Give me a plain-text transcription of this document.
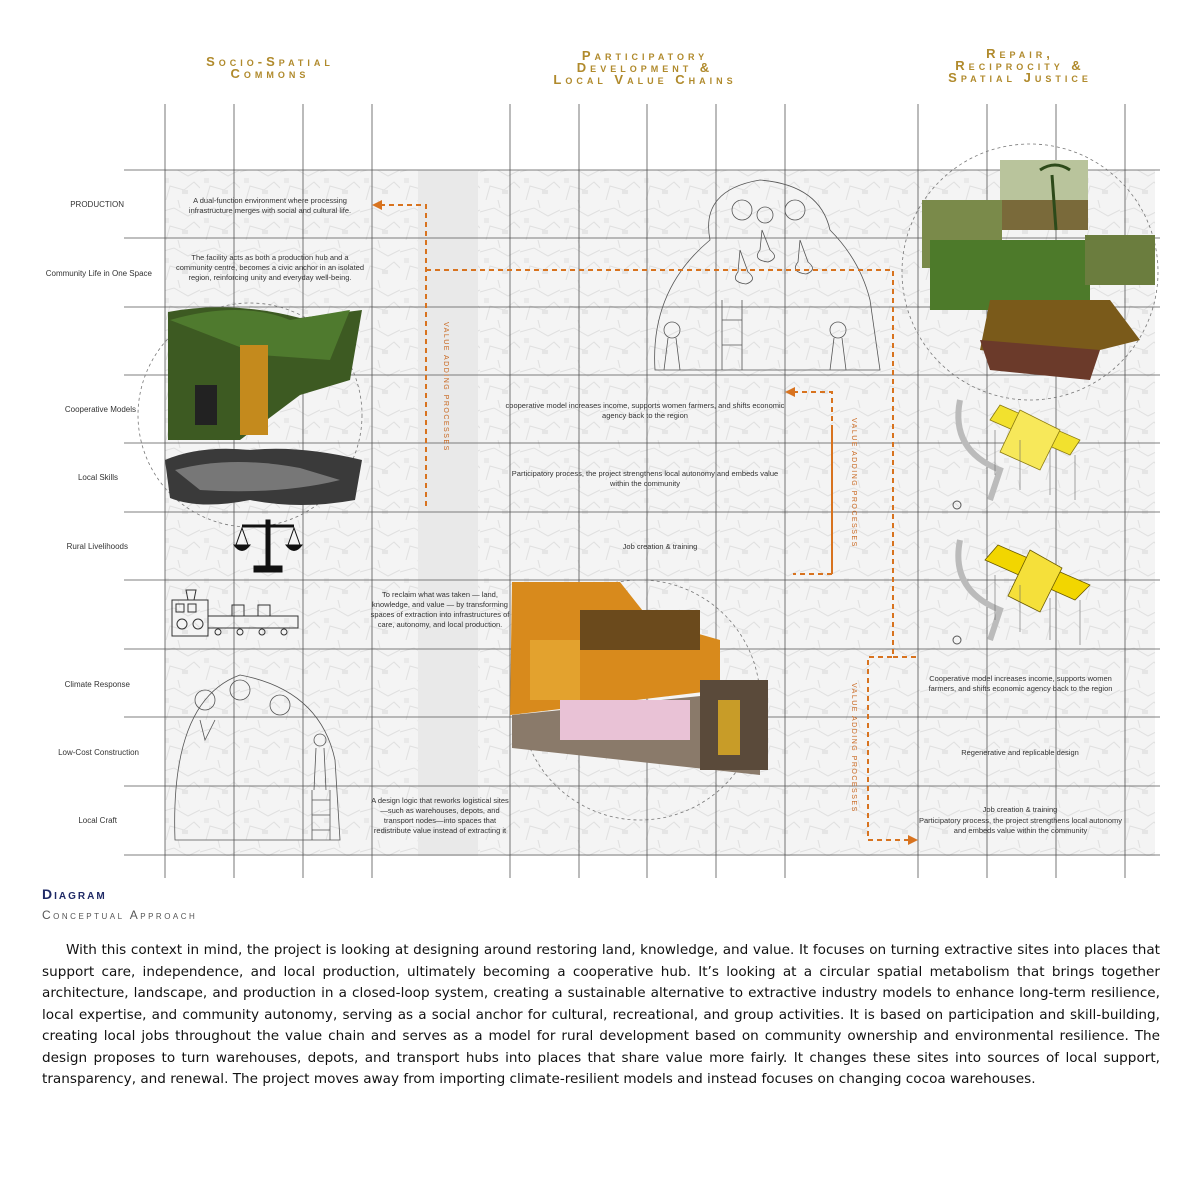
Socio-Spatial
Commons
Participatory
Development &
Local Value Chains
Repair,
Reciprocity &
Spatial Justice
VALUE ADDING PROCESSES
VALUE ADDING PROCESSES
VALUE ADDING PROCESSES
PRODUCTION
Community Life in One Space
Cooperative Models
Local Skills
Rural Livelihoods
Climate Response
Low-Cost Construction
Local Craft
A dual-function environment where processing infrastructure merges with social and cultural life.
The facility acts as both a production hub and a community centre, becomes a civic anchor in an isolated region, reinforcing unity and everyday well-being.
cooperative model increases income, supports women farmers, and shifts economic agency back to the region
Participatory process, the project strengthens local autonomy and embeds value within the community
Job creation & training
To reclaim what was taken — land, knowledge, and value — by transforming spaces of extraction into infrastructures of care, autonomy, and local production.
A design logic that reworks logistical sites—such as warehouses, depots, and transport nodes—into spaces that redistribute value instead of extracting it
Cooperative model increases income, supports women farmers, and shifts economic agency back to the region
Regenerative and replicable design
Job creation & training
Participatory process, the project strengthens local autonomy and embeds value within the community
Diagram
Conceptual Approach

With this context in mind, the project is looking at designing around restoring land, knowledge, and value. It focuses on turning extractive sites into places that support care, independence, and local production, ultimately becoming a cooperative hub. It’s looking at a circular spatial metabolism that brings together architecture, landscape, and production in a closed-loop system, creating a sustainable alternative to extractive industry models to enhance long-term resilience, local expertise, and community autonomy, serving as a social anchor for cultural, recreational, and group activities. It is based on participation and skill-building, creating local jobs throughout the value chain and serves as a model for rural development based on community ownership and environmental resilience. The design proposes to turn warehouses, depots, and transport hubs into places that share value more fairly. It changes these sites into sources of local support, transparency, and renewal. The project moves away from importing climate-resilient models and instead focuses on changing cocoa warehouses.
